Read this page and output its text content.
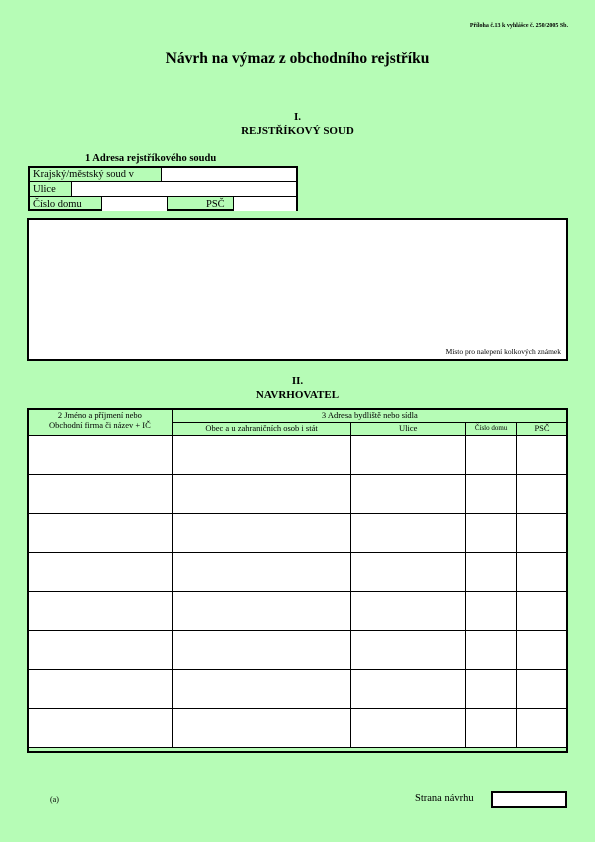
Příloha č.13 k vyhlášce č. 250/2005 Sb.
Návrh na výmaz z obchodního rejstříku
I.
REJSTŘÍKOVÝ SOUD
1 Adresa rejstříkového soudu
Krajský/městský soud v
Ulice
Číslo domu	PSČ
Místo pro nalepení kolkových známek
II.
NAVRHOVATEL
2 Jméno a příjmení nebo
Obchodní firma či název + IČ	3 Adresa bydliště nebo sídla			
	Obec a u zahraničních osob i stát	Ulice	Číslo domu	PSČ

(a)	Strana návrhu
